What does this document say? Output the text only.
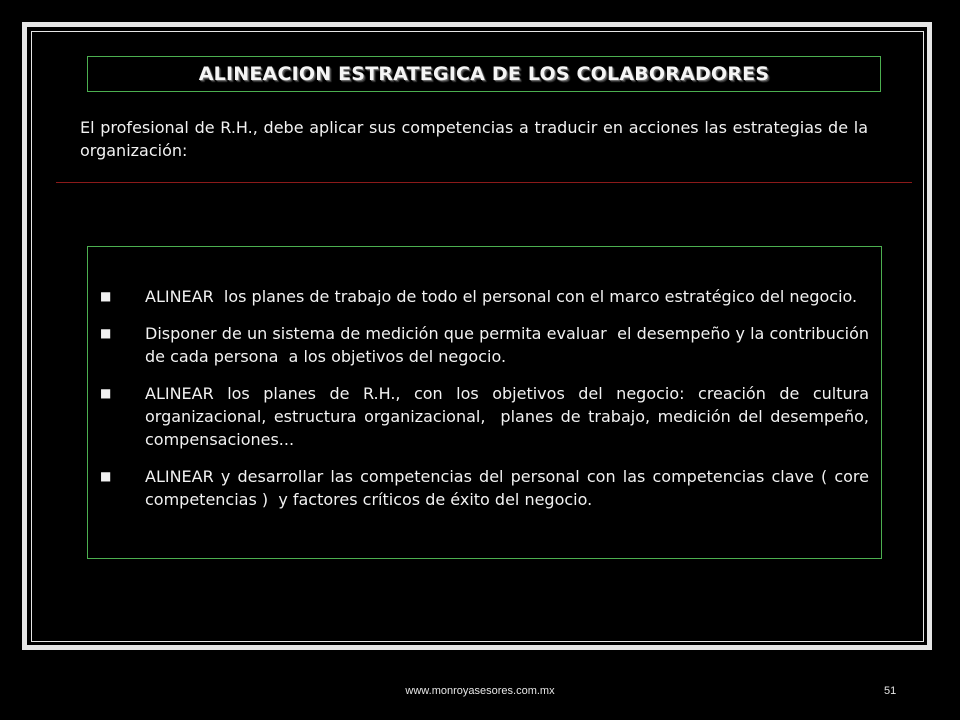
ALINEACION ESTRATEGICA DE LOS COLABORADORES
El profesional de R.H., debe aplicar sus competencias a traducir en acciones las estrategias de la organización:
■	ALINEAR  los planes de trabajo de todo el personal con el marco estratégico del negocio.
■	Disponer de un sistema de medición que permita evaluar  el desempeño y la contribución de cada persona  a los objetivos del negocio.
■	ALINEAR los planes de R.H., con los objetivos del negocio: creación de cultura organizacional, estructura organizacional,  planes de trabajo, medición del desempeño, compensaciones...
■	ALINEAR y desarrollar las competencias del personal con las competencias clave ( core competencias )  y factores críticos de éxito del negocio.
www.monroyasesores.com.mx	51
